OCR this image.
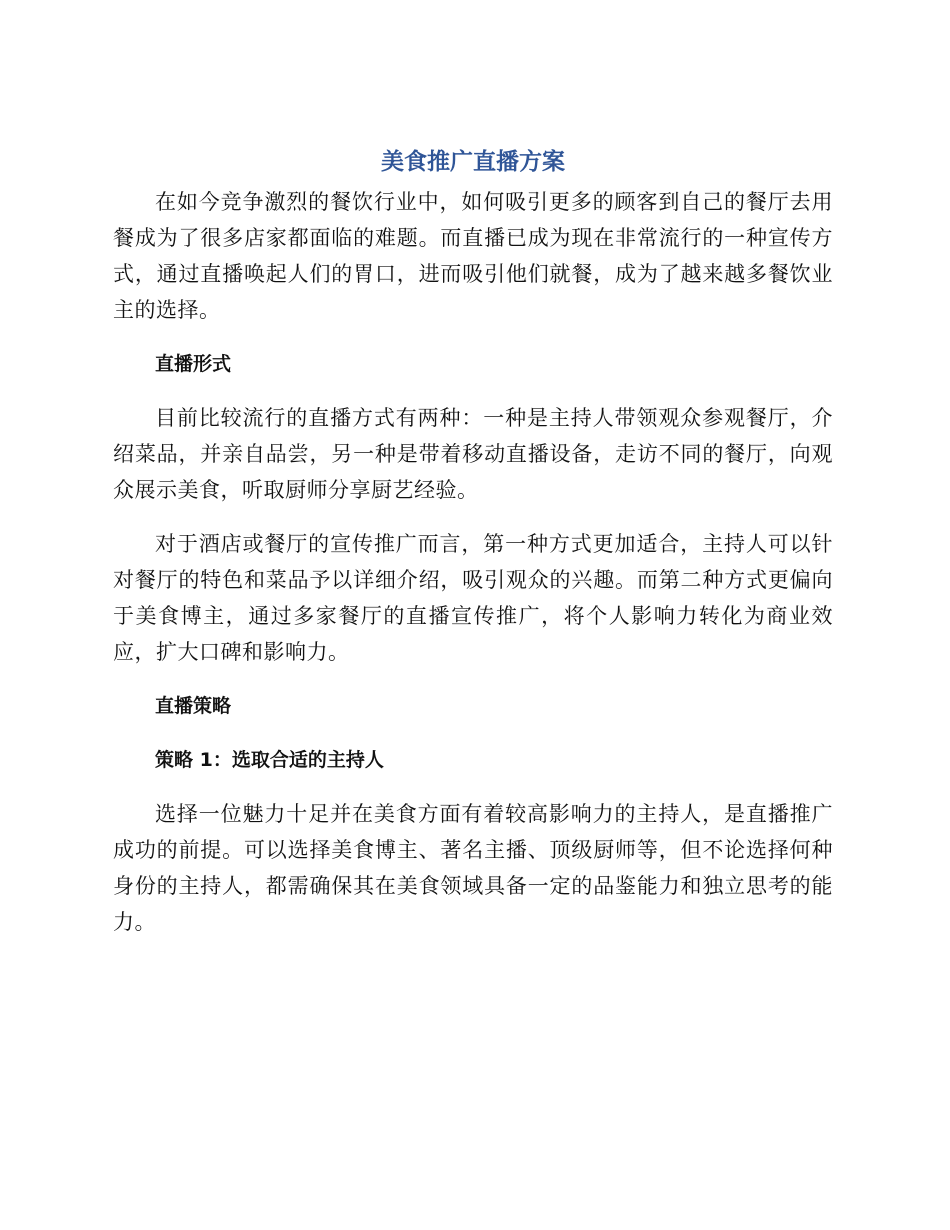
美食推广直播方案

在如今竞争激烈的餐饮行业中，如何吸引更多的顾客到自己的餐厅去用餐成为了很多店家都面临的难题。而直播已成为现在非常流行的一种宣传方式，通过直播唤起人们的胃口，进而吸引他们就餐，成为了越来越多餐饮业主的选择。

直播形式

目前比较流行的直播方式有两种：一种是主持人带领观众参观餐厅，介绍菜品，并亲自品尝，另一种是带着移动直播设备，走访不同的餐厅，向观众展示美食，听取厨师分享厨艺经验。

对于酒店或餐厅的宣传推广而言，第一种方式更加适合，主持人可以针对餐厅的特色和菜品予以详细介绍，吸引观众的兴趣。而第二种方式更偏向于美食博主，通过多家餐厅的直播宣传推广，将个人影响力转化为商业效应，扩大口碑和影响力。

直播策略
策略 1：选取合适的主持人

选择一位魅力十足并在美食方面有着较高影响力的主持人，是直播推广成功的前提。可以选择美食博主、著名主播、顶级厨师等，但不论选择何种身份的主持人，都需确保其在美食领域具备一定的品鉴能力和独立思考的能力。
